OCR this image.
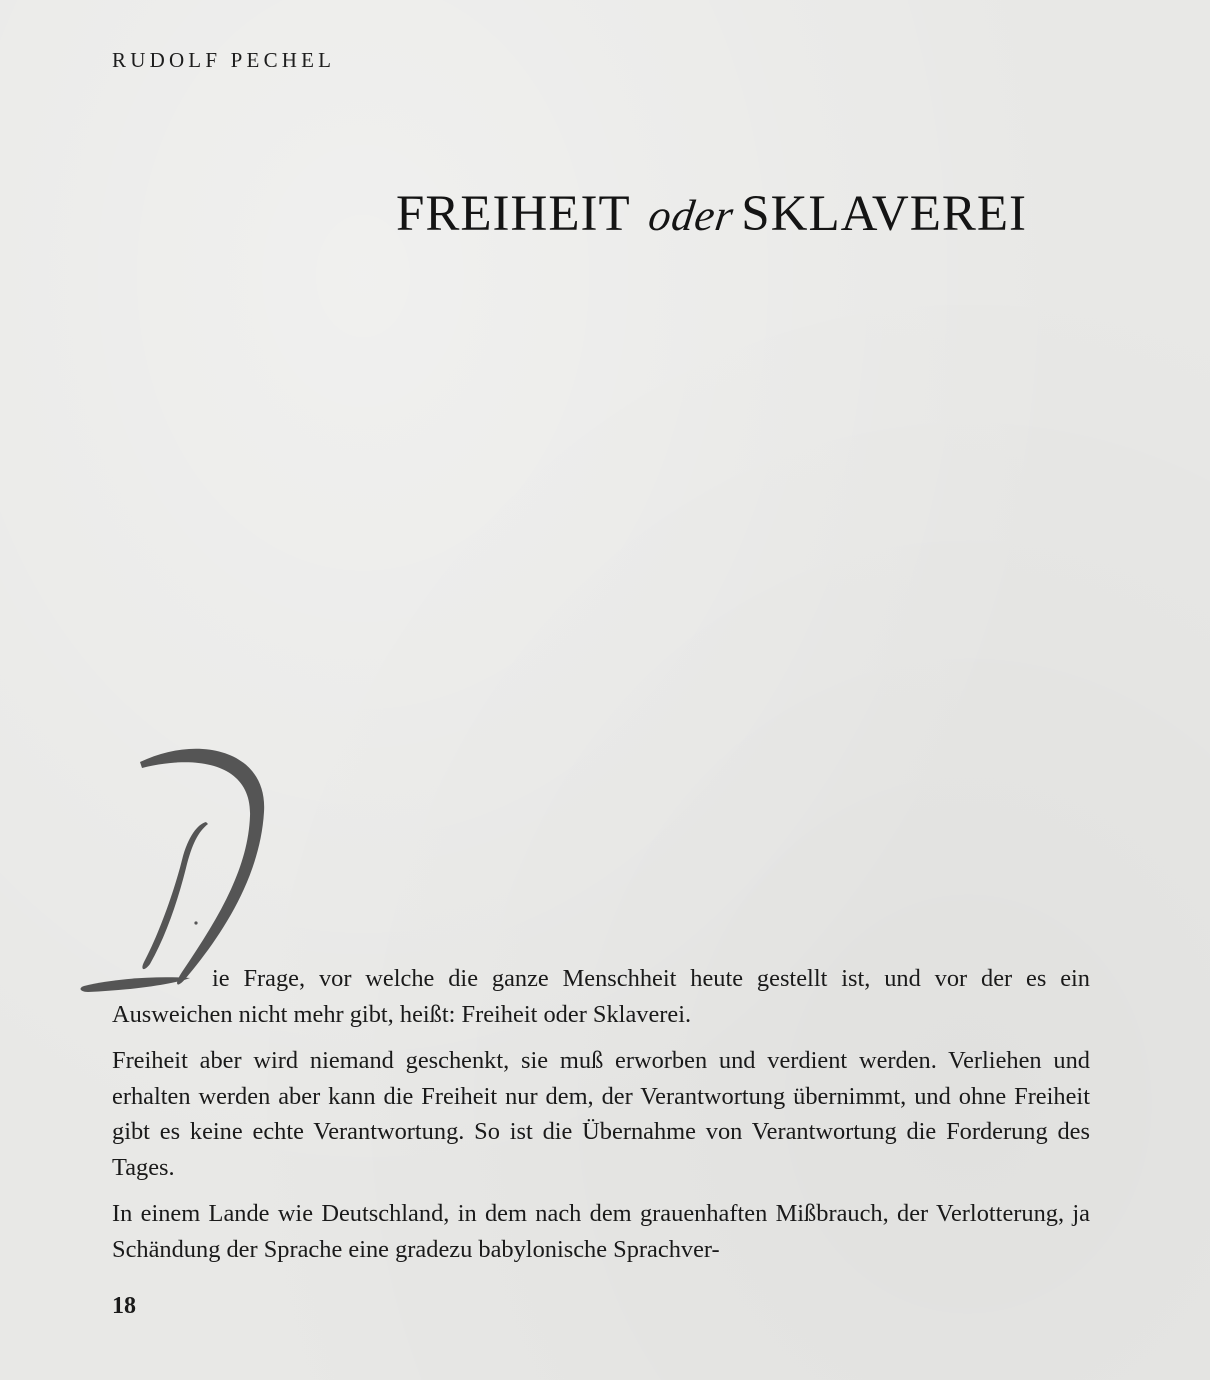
RUDOLF PECHEL
FREIHEIT oderSKLAVEREI

ie Frage, vor welche die ganze Menschheit heute gestellt ist, und vor der es ein Ausweichen nicht mehr gibt, heißt: Freiheit oder Sklaverei.

Freiheit aber wird niemand geschenkt, sie muß erworben und verdient werden. Verliehen und erhalten werden aber kann die Freiheit nur dem, der Verantwortung übernimmt, und ohne Freiheit gibt es keine echte Verantwortung. So ist die Übernahme von Verantwortung die Forderung des Tages.

In einem Lande wie Deutschland, in dem nach dem grauenhaften Mißbrauch, der Verlotterung, ja Schändung der Sprache eine gradezu babylonische Sprachver-

18
